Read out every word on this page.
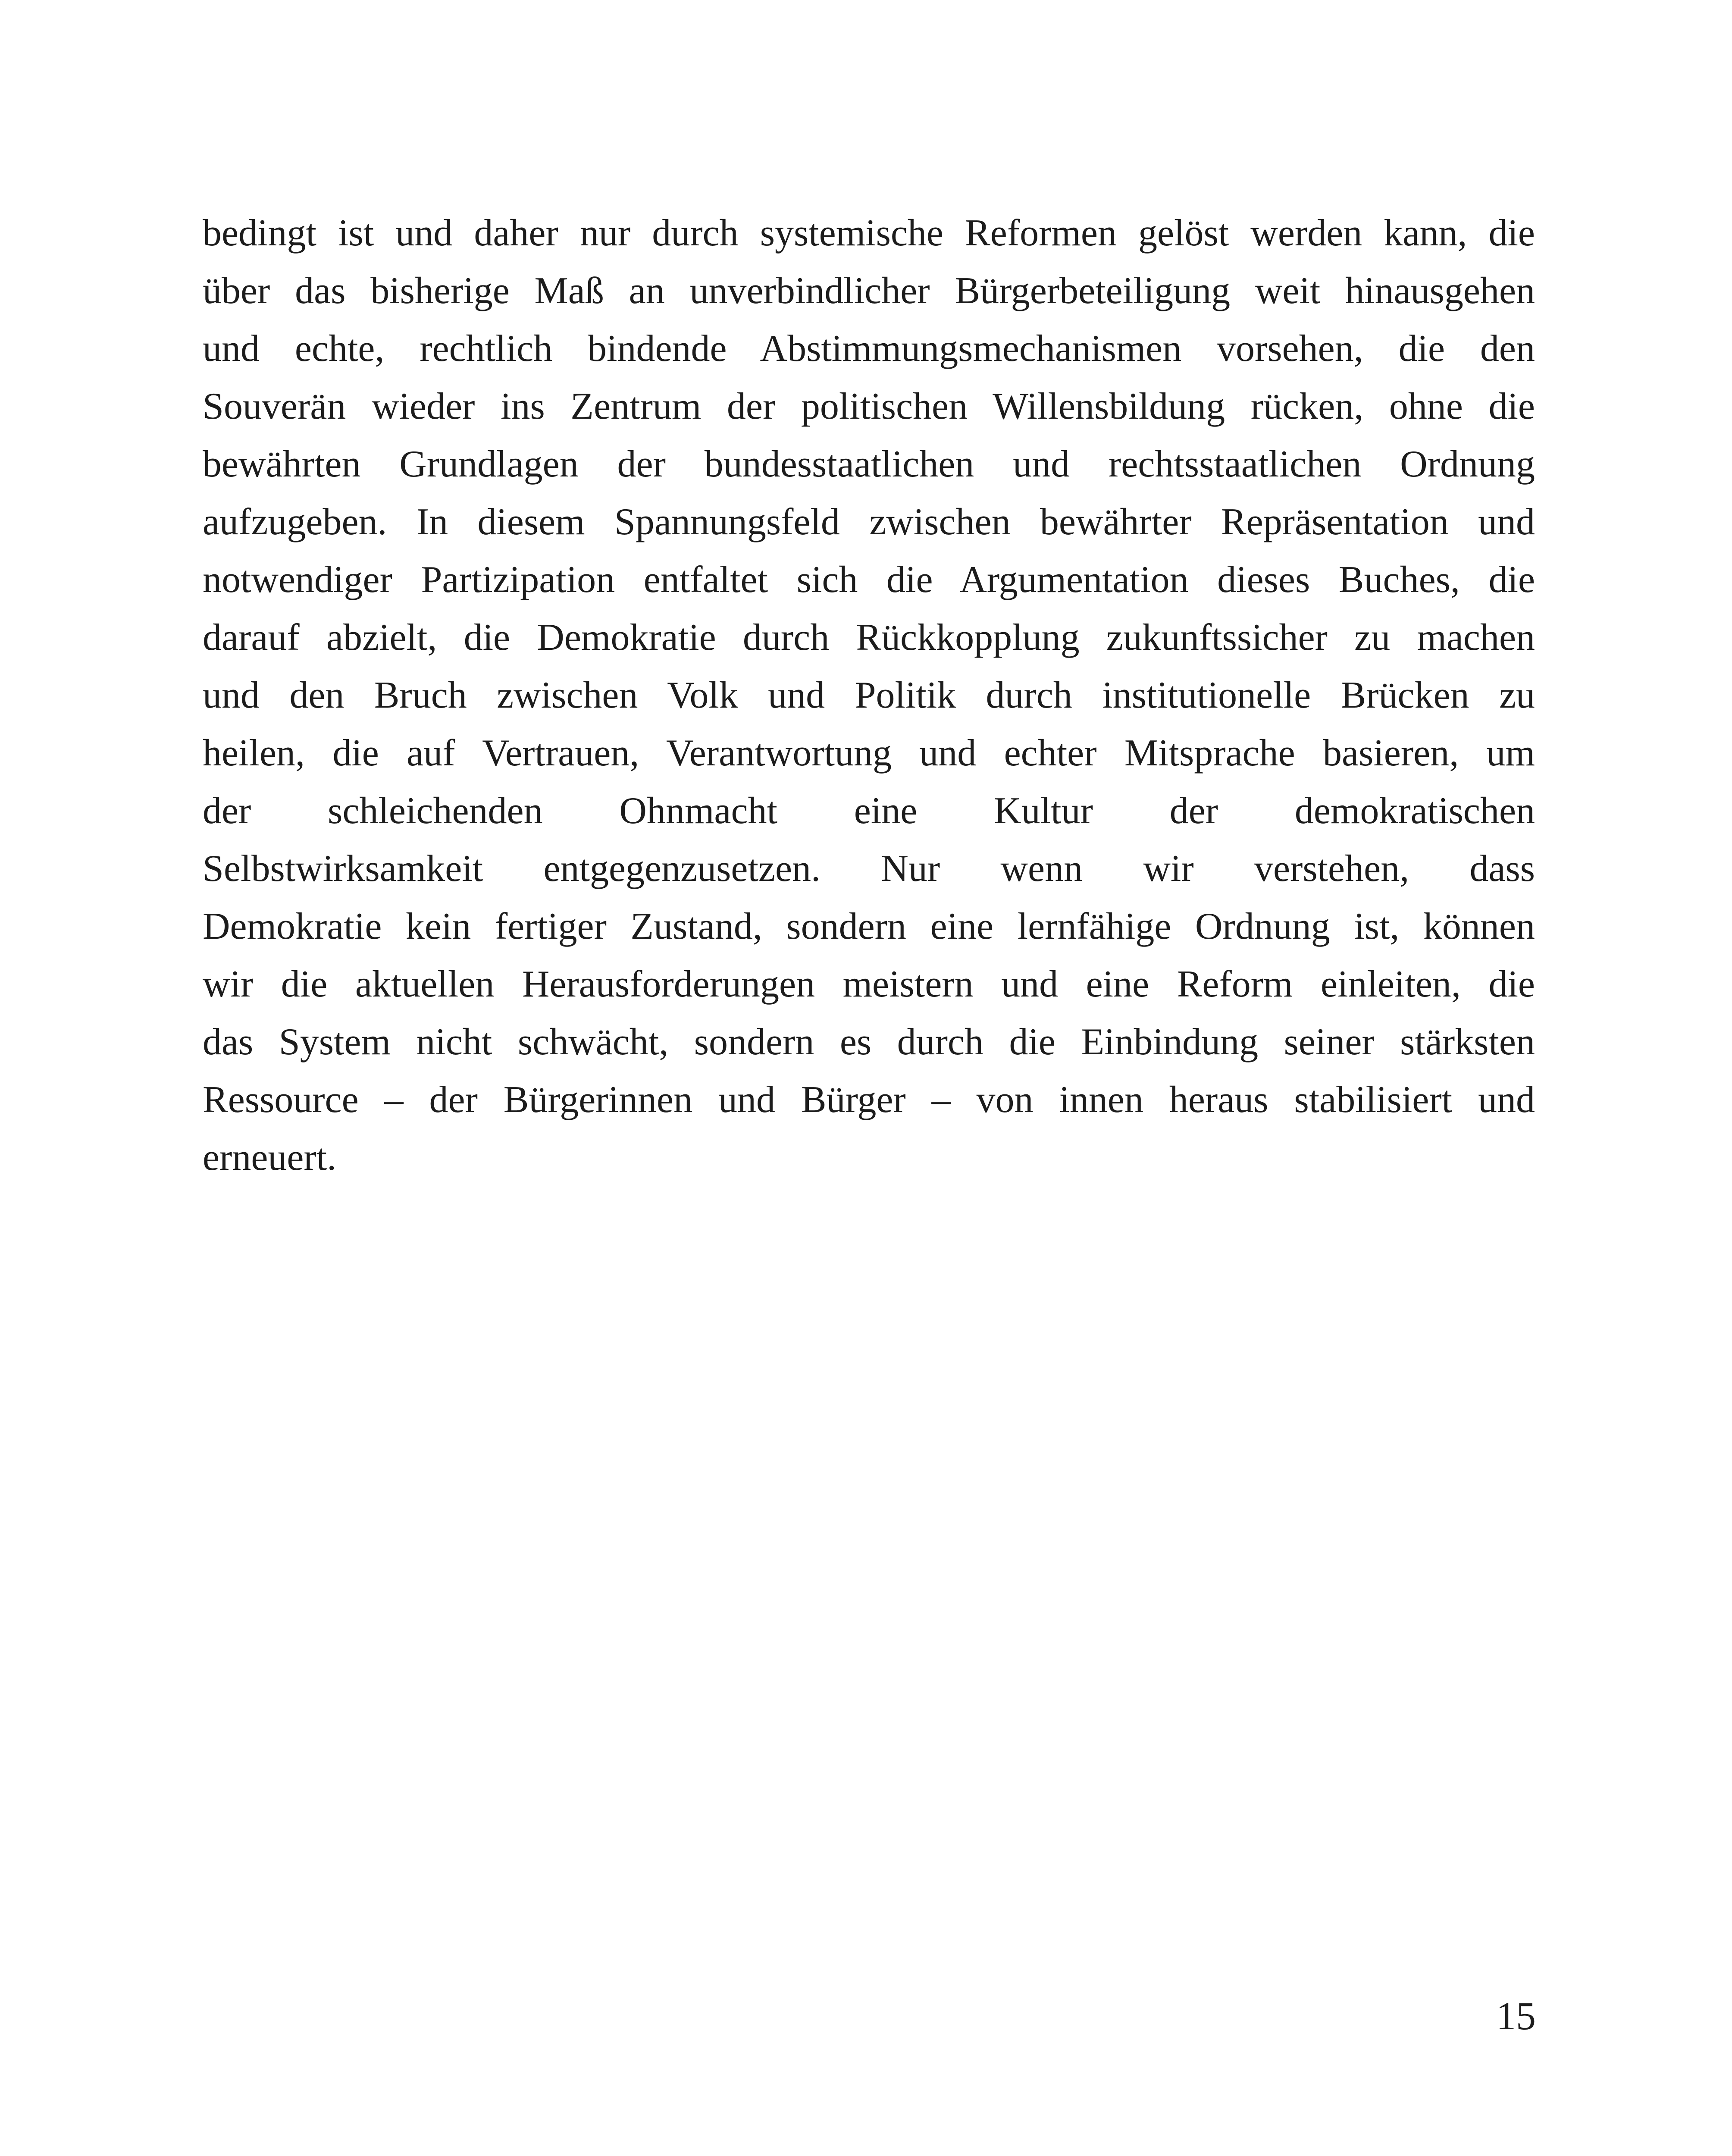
bedingt ist und daher nur durch systemische Reformen gelöst werden kann, die
über das bisherige Maß an unverbindlicher Bürgerbeteiligung weit hinausgehen
und echte, rechtlich bindende Abstimmungsmechanismen vorsehen, die den
Souverän wieder ins Zentrum der politischen Willensbildung rücken, ohne die
bewährten Grundlagen der bundesstaatlichen und rechtsstaatlichen Ordnung
aufzugeben. In diesem Spannungsfeld zwischen bewährter Repräsentation und
notwendiger Partizipation entfaltet sich die Argumentation dieses Buches, die
darauf abzielt, die Demokratie durch Rückkopplung zukunftssicher zu machen
und den Bruch zwischen Volk und Politik durch institutionelle Brücken zu
heilen, die auf Vertrauen, Verantwortung und echter Mitsprache basieren, um
der schleichenden Ohnmacht eine Kultur der demokratischen
Selbstwirksamkeit entgegenzusetzen. Nur wenn wir verstehen, dass
Demokratie kein fertiger Zustand, sondern eine lernfähige Ordnung ist, können
wir die aktuellen Herausforderungen meistern und eine Reform einleiten, die
das System nicht schwächt, sondern es durch die Einbindung seiner stärksten
Ressource – der Bürgerinnen und Bürger – von innen heraus stabilisiert und
erneuert.

15
